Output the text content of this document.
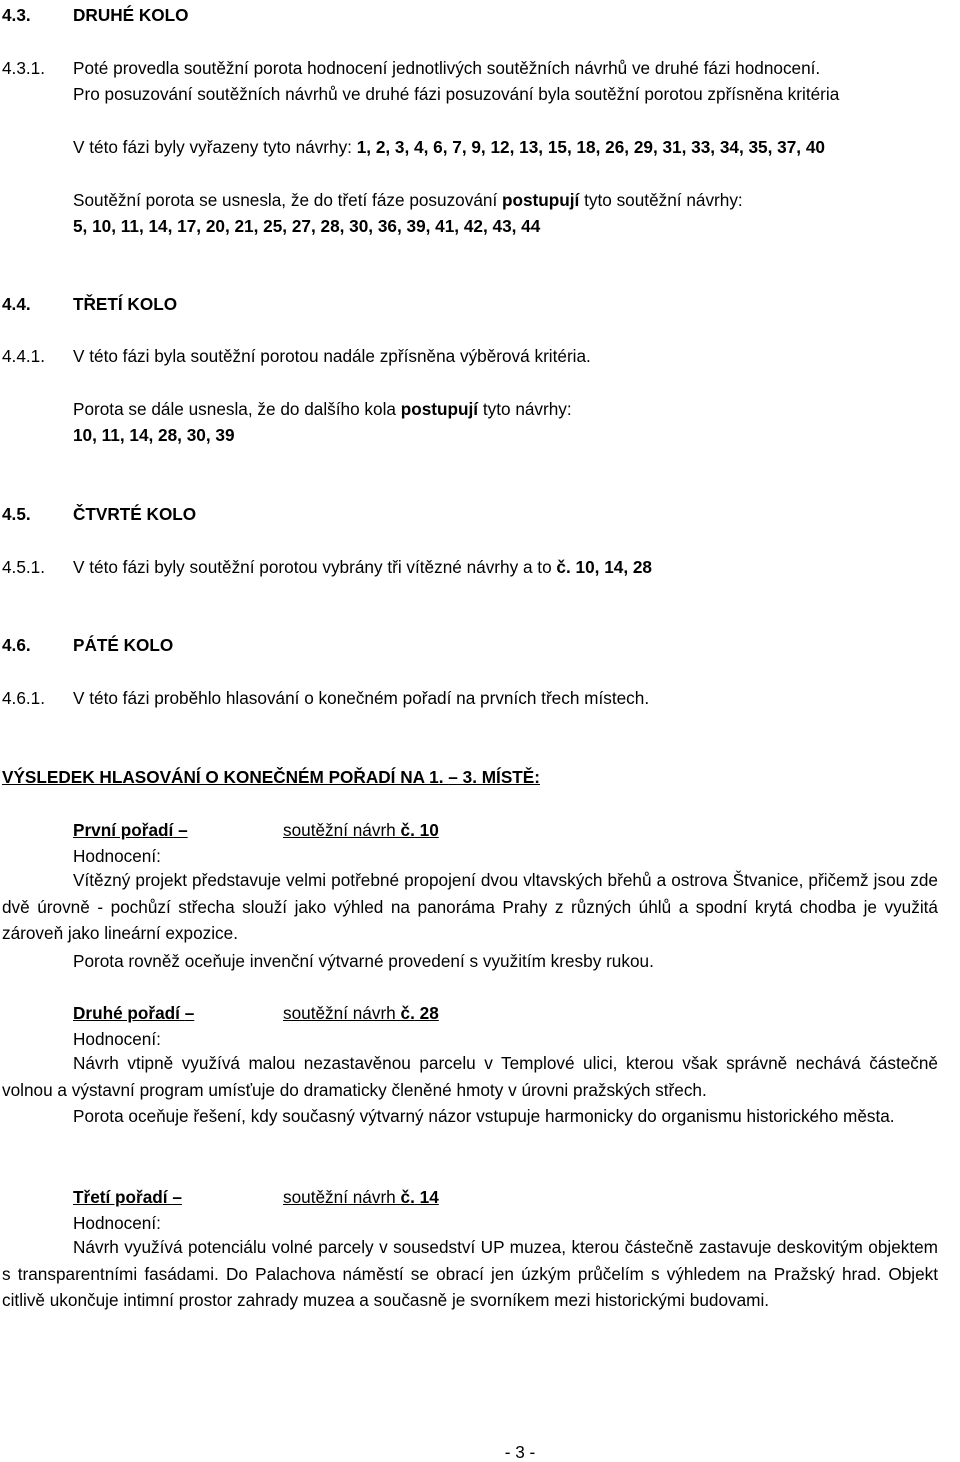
4.3. DRUHÉ KOLO
4.3.1. Poté provedla soutěžní porota hodnocení jednotlivých soutěžních návrhů ve druhé fázi hodnocení.
Pro posuzování soutěžních návrhů ve druhé fázi posuzování byla soutěžní porotou zpřísněna kritéria
V této fázi byly vyřazeny tyto návrhy: 1, 2, 3, 4, 6, 7, 9, 12, 13, 15, 18, 26, 29, 31, 33, 34, 35, 37, 40
Soutěžní porota se usnesla, že do třetí fáze posuzování postupují tyto soutěžní návrhy:
5, 10, 11, 14, 17, 20, 21, 25, 27, 28, 30, 36, 39, 41, 42, 43, 44
4.4. TŘETÍ KOLO
4.4.1. V této fázi byla soutěžní porotou nadále zpřísněna výběrová kritéria.
Porota se dále usnesla, že do dalšího kola postupují tyto návrhy:
10, 11, 14, 28, 30, 39
4.5. ČTVRTÉ KOLO
4.5.1. V této fázi byly soutěžní porotou vybrány tři vítězné návrhy a to č. 10, 14, 28
4.6. PÁTÉ KOLO
4.6.1. V této fázi proběhlo hlasování o konečném pořadí na prvních třech místech.
VÝSLEDEK HLASOVÁNÍ O KONEČNÉM POŘADÍ NA 1. – 3. MÍSTĚ:
První pořadí –	soutěžní návrh č. 10
Hodnocení:
Vítězný projekt představuje velmi potřebné propojení dvou vltavských břehů a ostrova Štvanice, přičemž jsou zde dvě úrovně - pochůzí střecha slouží jako výhled na panoráma Prahy z různých úhlů a spodní krytá chodba je využitá zároveň jako lineární expozice.
Porota rovněž oceňuje invenční výtvarné provedení s využitím kresby rukou.
Druhé pořadí –	soutěžní návrh č. 28
Hodnocení:
Návrh vtipně využívá malou nezastavěnou parcelu v Templové ulici, kterou však správně nechává částečně volnou a výstavní program umísťuje do dramaticky členěné hmoty v úrovni pražských střech.
Porota oceňuje řešení, kdy současný výtvarný názor vstupuje harmonicky do organismu historického města.
Třetí pořadí –	soutěžní návrh č. 14
Hodnocení:
Návrh využívá potenciálu volné parcely v sousedství UP muzea, kterou částečně zastavuje deskovitým objektem s transparentními fasádami. Do Palachova náměstí se obrací jen úzkým průčelím s výhledem na Pražský hrad. Objekt citlivě ukončuje intimní prostor zahrady muzea a současně je svorníkem mezi historickými budovami.
- 3 -
